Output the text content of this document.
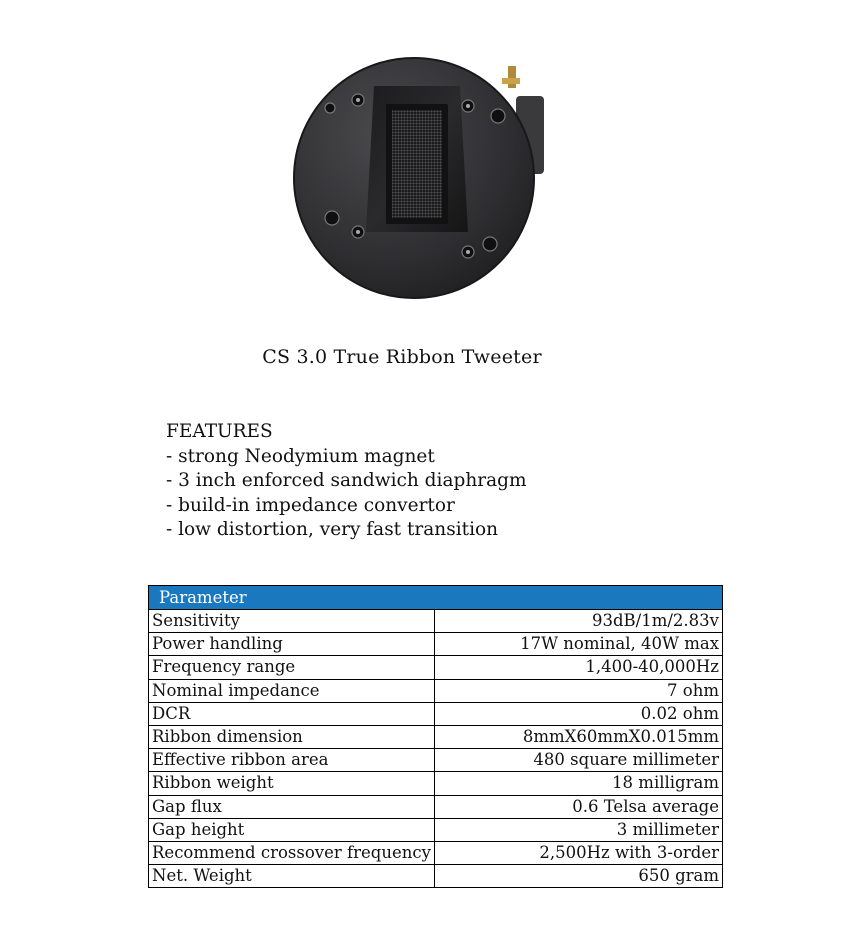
CS 3.0 True Ribbon Tweeter
FEATURES
- strong Neodymium magnet
- 3 inch enforced sandwich diaphragm
- build-in impedance convertor
- low distortion, very fast transition
Parameter	
Sensitivity	93dB/1m/2.83v
Power handling	17W nominal, 40W max
Frequency range	1,400-40,000Hz
Nominal impedance	7 ohm
DCR	0.02 ohm
Ribbon dimension	8mmX60mmX0.015mm
Effective ribbon area	480 square millimeter
Ribbon weight	18 milligram
Gap flux	0.6 Telsa average
Gap height	3 millimeter
Recommend crossover frequency	2,500Hz with 3-order
Net. Weight	650 gram
